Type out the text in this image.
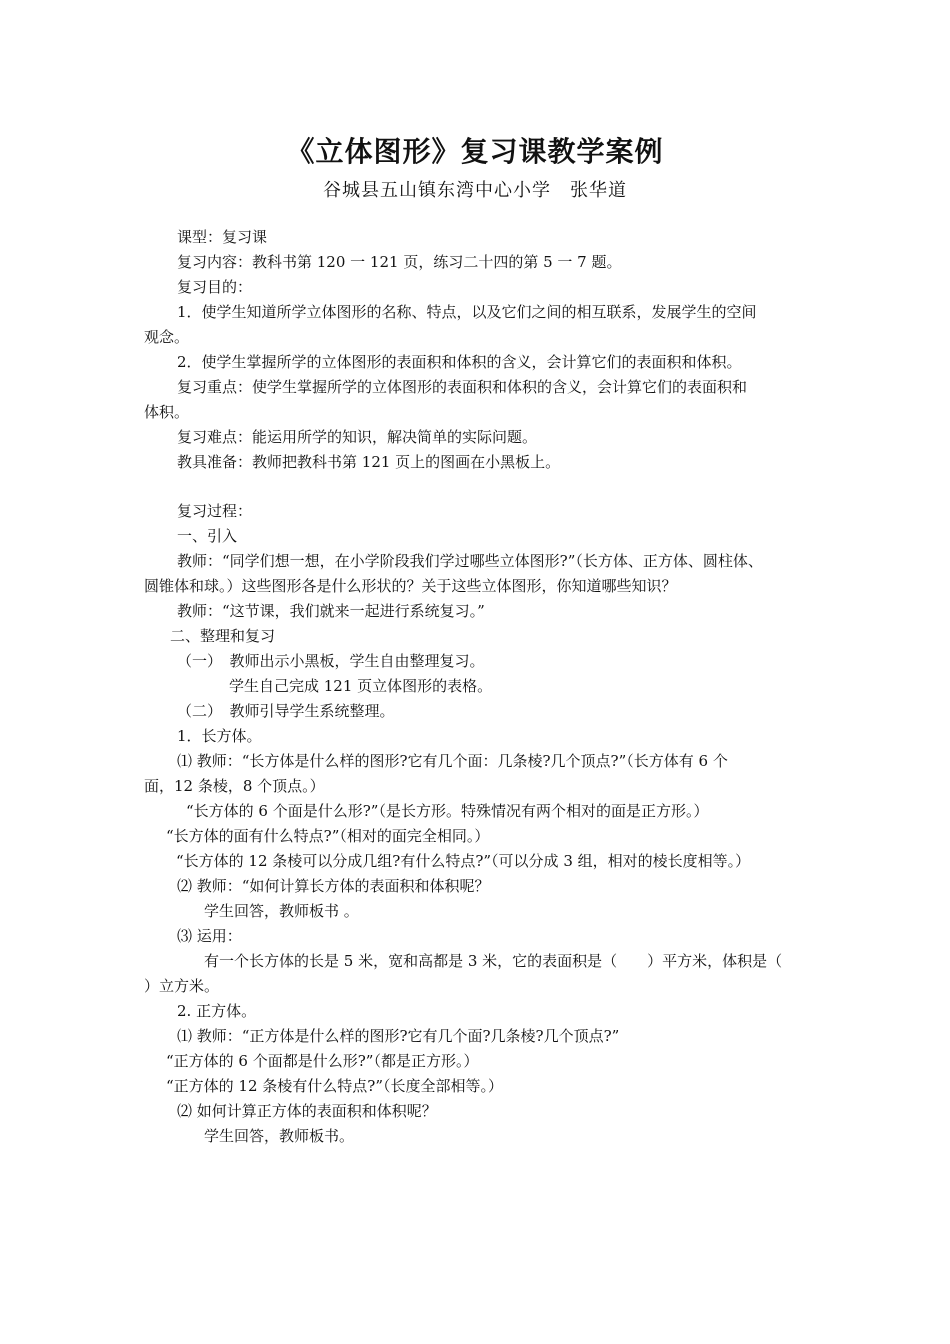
《立体图形》复习课教学案例
谷城县五山镇东湾中心小学　张华道
课型：复习课
复习内容：教科书第 120 一 121 页，练习二十四的第 5 一 7 题。
复习目的：
1．使学生知道所学立体图形的名称、特点，以及它们之间的相互联系，发展学生的空间
观念。
2．使学生掌握所学的立体图形的表面积和体积的含义，会计算它们的表面积和体积。
复习重点：使学生掌握所学的立体图形的表面积和体积的含义，会计算它们的表面积和
体积。
复习难点：能运用所学的知识，解决简单的实际问题。
教具准备：教师把教科书第 121 页上的图画在小黑板上。
复习过程：
一、引入
教师：“同学们想一想，在小学阶段我们学过哪些立体图形?”（长方体、正方体、圆柱体、
圆锥体和球。）这些图形各是什么形状的？关于这些立体图形，你知道哪些知识？
教师：“这节课，我们就来一起进行系统复习。”
二、整理和复习
（一）　教师出示小黑板，学生自由整理复习。
学生自己完成 121 页立体图形的表格。
（二）　教师引导学生系统整理。
1．长方体。
⑴ 教师：“长方体是什么样的图形?它有几个面：几条棱?几个顶点?”（长方体有 6 个
面，12 条棱，8 个顶点。）
“长方体的 6 个面是什么形?”（是长方形。特殊情况有两个相对的面是正方形。）
“长方体的面有什么特点?”（相对的面完全相同。）
“长方体的 12 条棱可以分成几组?有什么特点?”（可以分成 3 组，相对的棱长度相等。）
⑵ 教师：“如何计算长方体的表面积和体积呢？
学生回答，教师板书 。
⑶ 运用：
有一个长方体的长是 5 米，宽和高都是 3 米，它的表面积是（　　）平方米，体积是（
）立方米。
2. 正方体。
⑴ 教师：“正方体是什么样的图形?它有几个面?几条棱?几个顶点?”
“正方体的 6 个面都是什么形?”（都是正方形。）
“正方体的 12 条棱有什么特点?”（长度全部相等。）
⑵ 如何计算正方体的表面积和体积呢？
学生回答，教师板书。
